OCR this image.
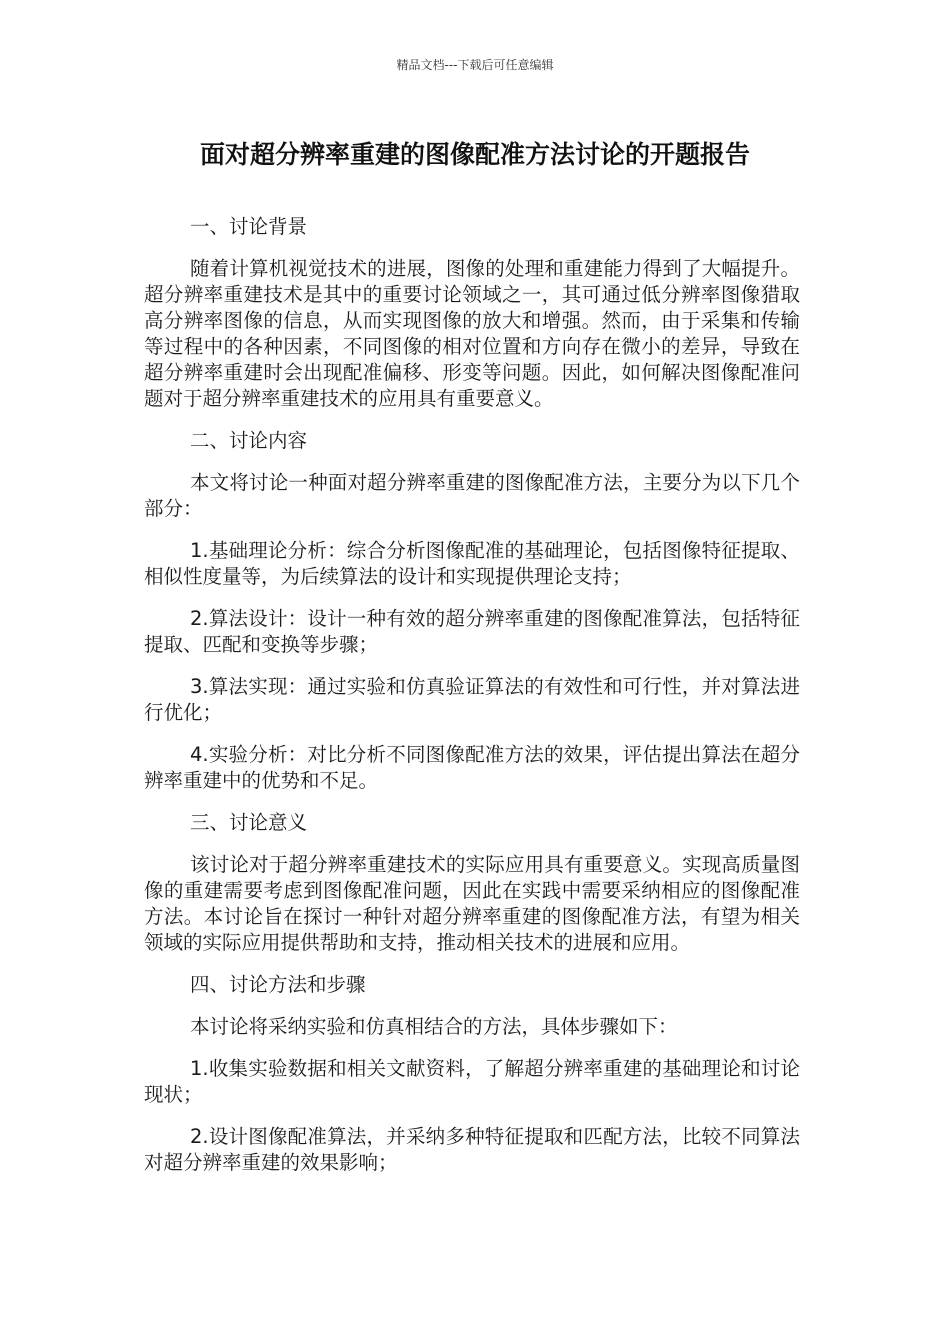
精品文档---下载后可任意编辑
面对超分辨率重建的图像配准方法讨论的开题报告

一、讨论背景

随着计算机视觉技术的进展，图像的处理和重建能力得到了大幅提升。超分辨率重建技术是其中的重要讨论领域之一，其可通过低分辨率图像猎取高分辨率图像的信息，从而实现图像的放大和增强。然而，由于采集和传输等过程中的各种因素，不同图像的相对位置和方向存在微小的差异，导致在超分辨率重建时会出现配准偏移、形变等问题。因此，如何解决图像配准问题对于超分辨率重建技术的应用具有重要意义。

二、讨论内容

本文将讨论一种面对超分辨率重建的图像配准方法，主要分为以下几个部分：

1.基础理论分析：综合分析图像配准的基础理论，包括图像特征提取、相似性度量等，为后续算法的设计和实现提供理论支持；

2.算法设计：设计一种有效的超分辨率重建的图像配准算法，包括特征提取、匹配和变换等步骤；

3.算法实现：通过实验和仿真验证算法的有效性和可行性，并对算法进行优化；

4.实验分析：对比分析不同图像配准方法的效果，评估提出算法在超分辨率重建中的优势和不足。

三、讨论意义

该讨论对于超分辨率重建技术的实际应用具有重要意义。实现高质量图像的重建需要考虑到图像配准问题，因此在实践中需要采纳相应的图像配准方法。本讨论旨在探讨一种针对超分辨率重建的图像配准方法，有望为相关领域的实际应用提供帮助和支持，推动相关技术的进展和应用。

四、讨论方法和步骤

本讨论将采纳实验和仿真相结合的方法，具体步骤如下：

1.收集实验数据和相关文献资料，了解超分辨率重建的基础理论和讨论现状；

2.设计图像配准算法，并采纳多种特征提取和匹配方法，比较不同算法对超分辨率重建的效果影响；
